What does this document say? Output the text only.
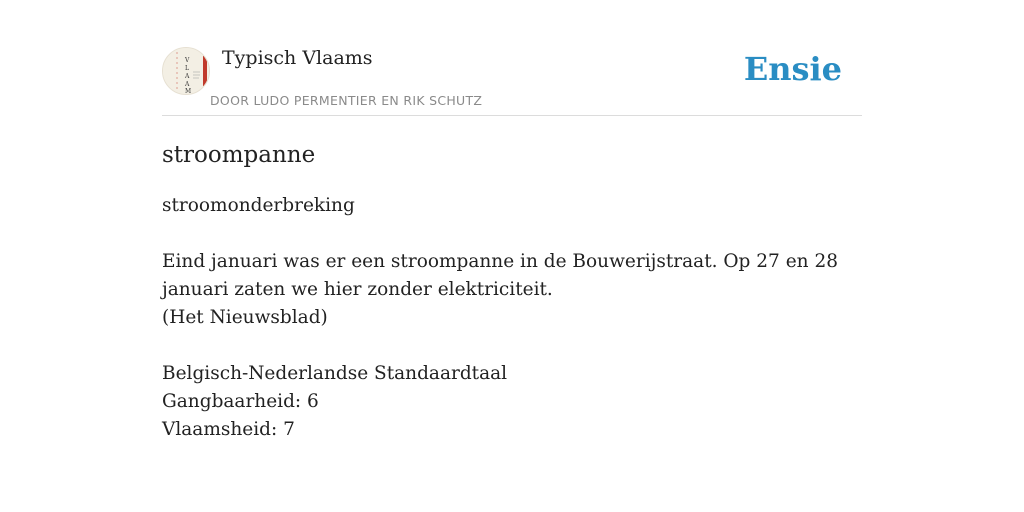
V
L
A
A
M
Typisch Vlaams
DOOR LUDO PERMENTIER EN RIK SCHUTZ
Ensie
stroompanne

stroomonderbreking

Eind januari was er een stroompanne in de Bouwerijstraat. Op 27 en 28 januari zaten we hier zonder elektriciteit.

(Het Nieuwsblad)

Belgisch-Nederlandse Standaardtaal

Gangbaarheid: 6

Vlaamsheid: 7
